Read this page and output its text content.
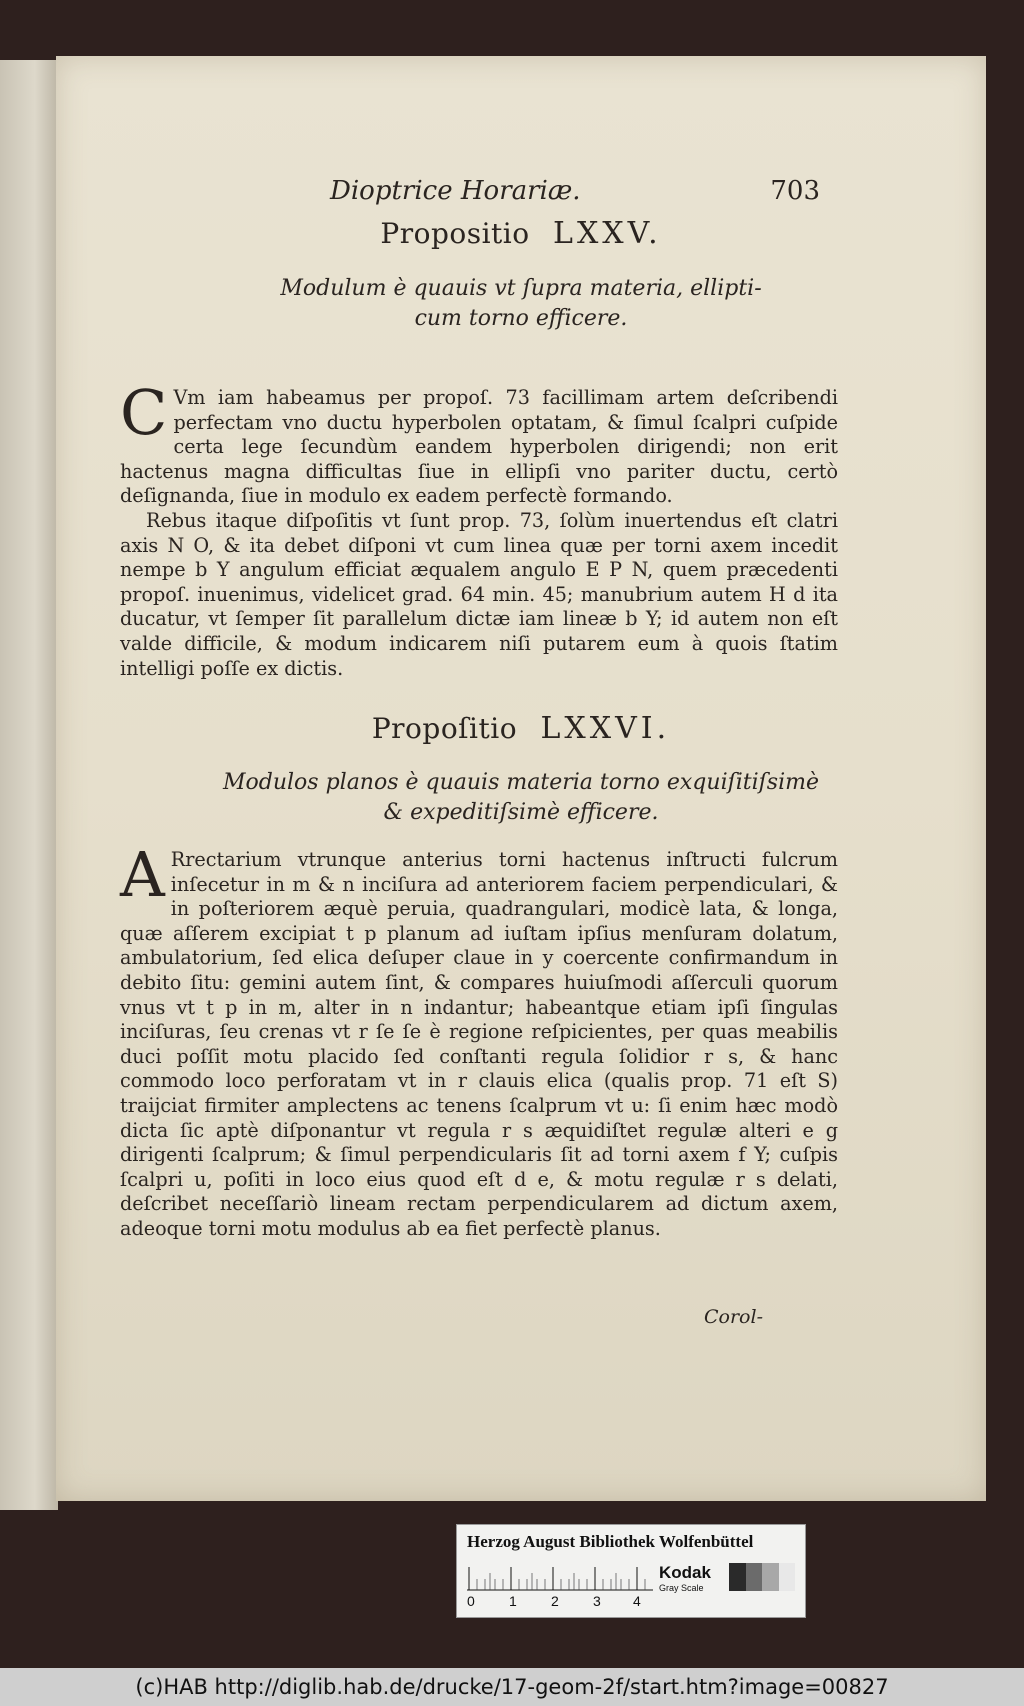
Dioptrice Horariæ.	703
Propositio LXXV.
Modulum è quauis vt ſupra materia, ellipti-
cum torno efficere.
C Vm iam habeamus per propoſ. 73 facillimam artem deſcribendi perfectam vno ductu hyperbolen optatam, & ſimul ſcalpri cuſpide certa lege ſecundùm eandem hyperbolen dirigendi; non erit hactenus magna difficultas ſiue in ellipſi vno pariter ductu, certò deſignanda, ſiue in modulo ex eadem perfectè formando.
Rebus itaque diſpoſitis vt ſunt prop. 73, ſolùm inuertendus eſt clatri axis N O, & ita debet diſponi vt cum linea quæ per torni axem incedit nempe b Y angulum efficiat æqualem angulo E P N, quem præcedenti propoſ. inuenimus, videlicet grad. 64 min. 45; manubrium autem H d ita ducatur, vt ſemper ſit parallelum dictæ iam lineæ b Y; id autem non eſt valde difficile, & modum indicarem niſi putarem eum à quois ſtatim intelligi poſſe ex dictis.
Propoſitio LXXVI.
Modulos planos è quauis materia torno exquiſitiſsimè
& expeditiſsimè efficere.
A Rrectarium vtrunque anterius torni hactenus inſtructi fulcrum inſecetur in m & n inciſura ad anteriorem faciem perpendiculari, & in poſteriorem æquè peruia, quadrangulari, modicè lata, & longa, quæ aſſerem excipiat t p planum ad iuſtam ipſius menſuram dolatum, ambulatorium, ſed elica deſuper claue in y coercente confirmandum in debito ſitu: gemini autem ſint, & compares huiuſmodi aſſerculi quorum vnus vt t p in m, alter in n indantur; habeantque etiam ipſi ſingulas inciſuras, ſeu crenas vt r ſe ſe è regione reſpicientes, per quas meabilis duci poſſit motu placido ſed conſtanti regula ſolidior r s, & hanc commodo loco perforatam vt in r clauis elica (qualis prop. 71 eſt S) traijciat firmiter amplectens ac tenens ſcalprum vt u: ſi enim hæc modò dicta ſic aptè diſponantur vt regula r s æquidiſtet regulæ alteri e g dirigenti ſcalprum; & ſimul perpendicularis ſit ad torni axem f Y; cuſpis ſcalpri u, poſiti in loco eius quod eſt d e, & motu regulæ r s delati, deſcribet neceſſariò lineam rectam perpendicularem ad dictum axem, adeoque torni motu modulus ab ea fiet perfectè planus.
Corol-
Herzog August Bibliothek Wolfenbüttel
0 1 2 3 4
Kodak
Gray Scale
(c)HAB http://diglib.hab.de/drucke/17-geom-2f/start.htm?image=00827
